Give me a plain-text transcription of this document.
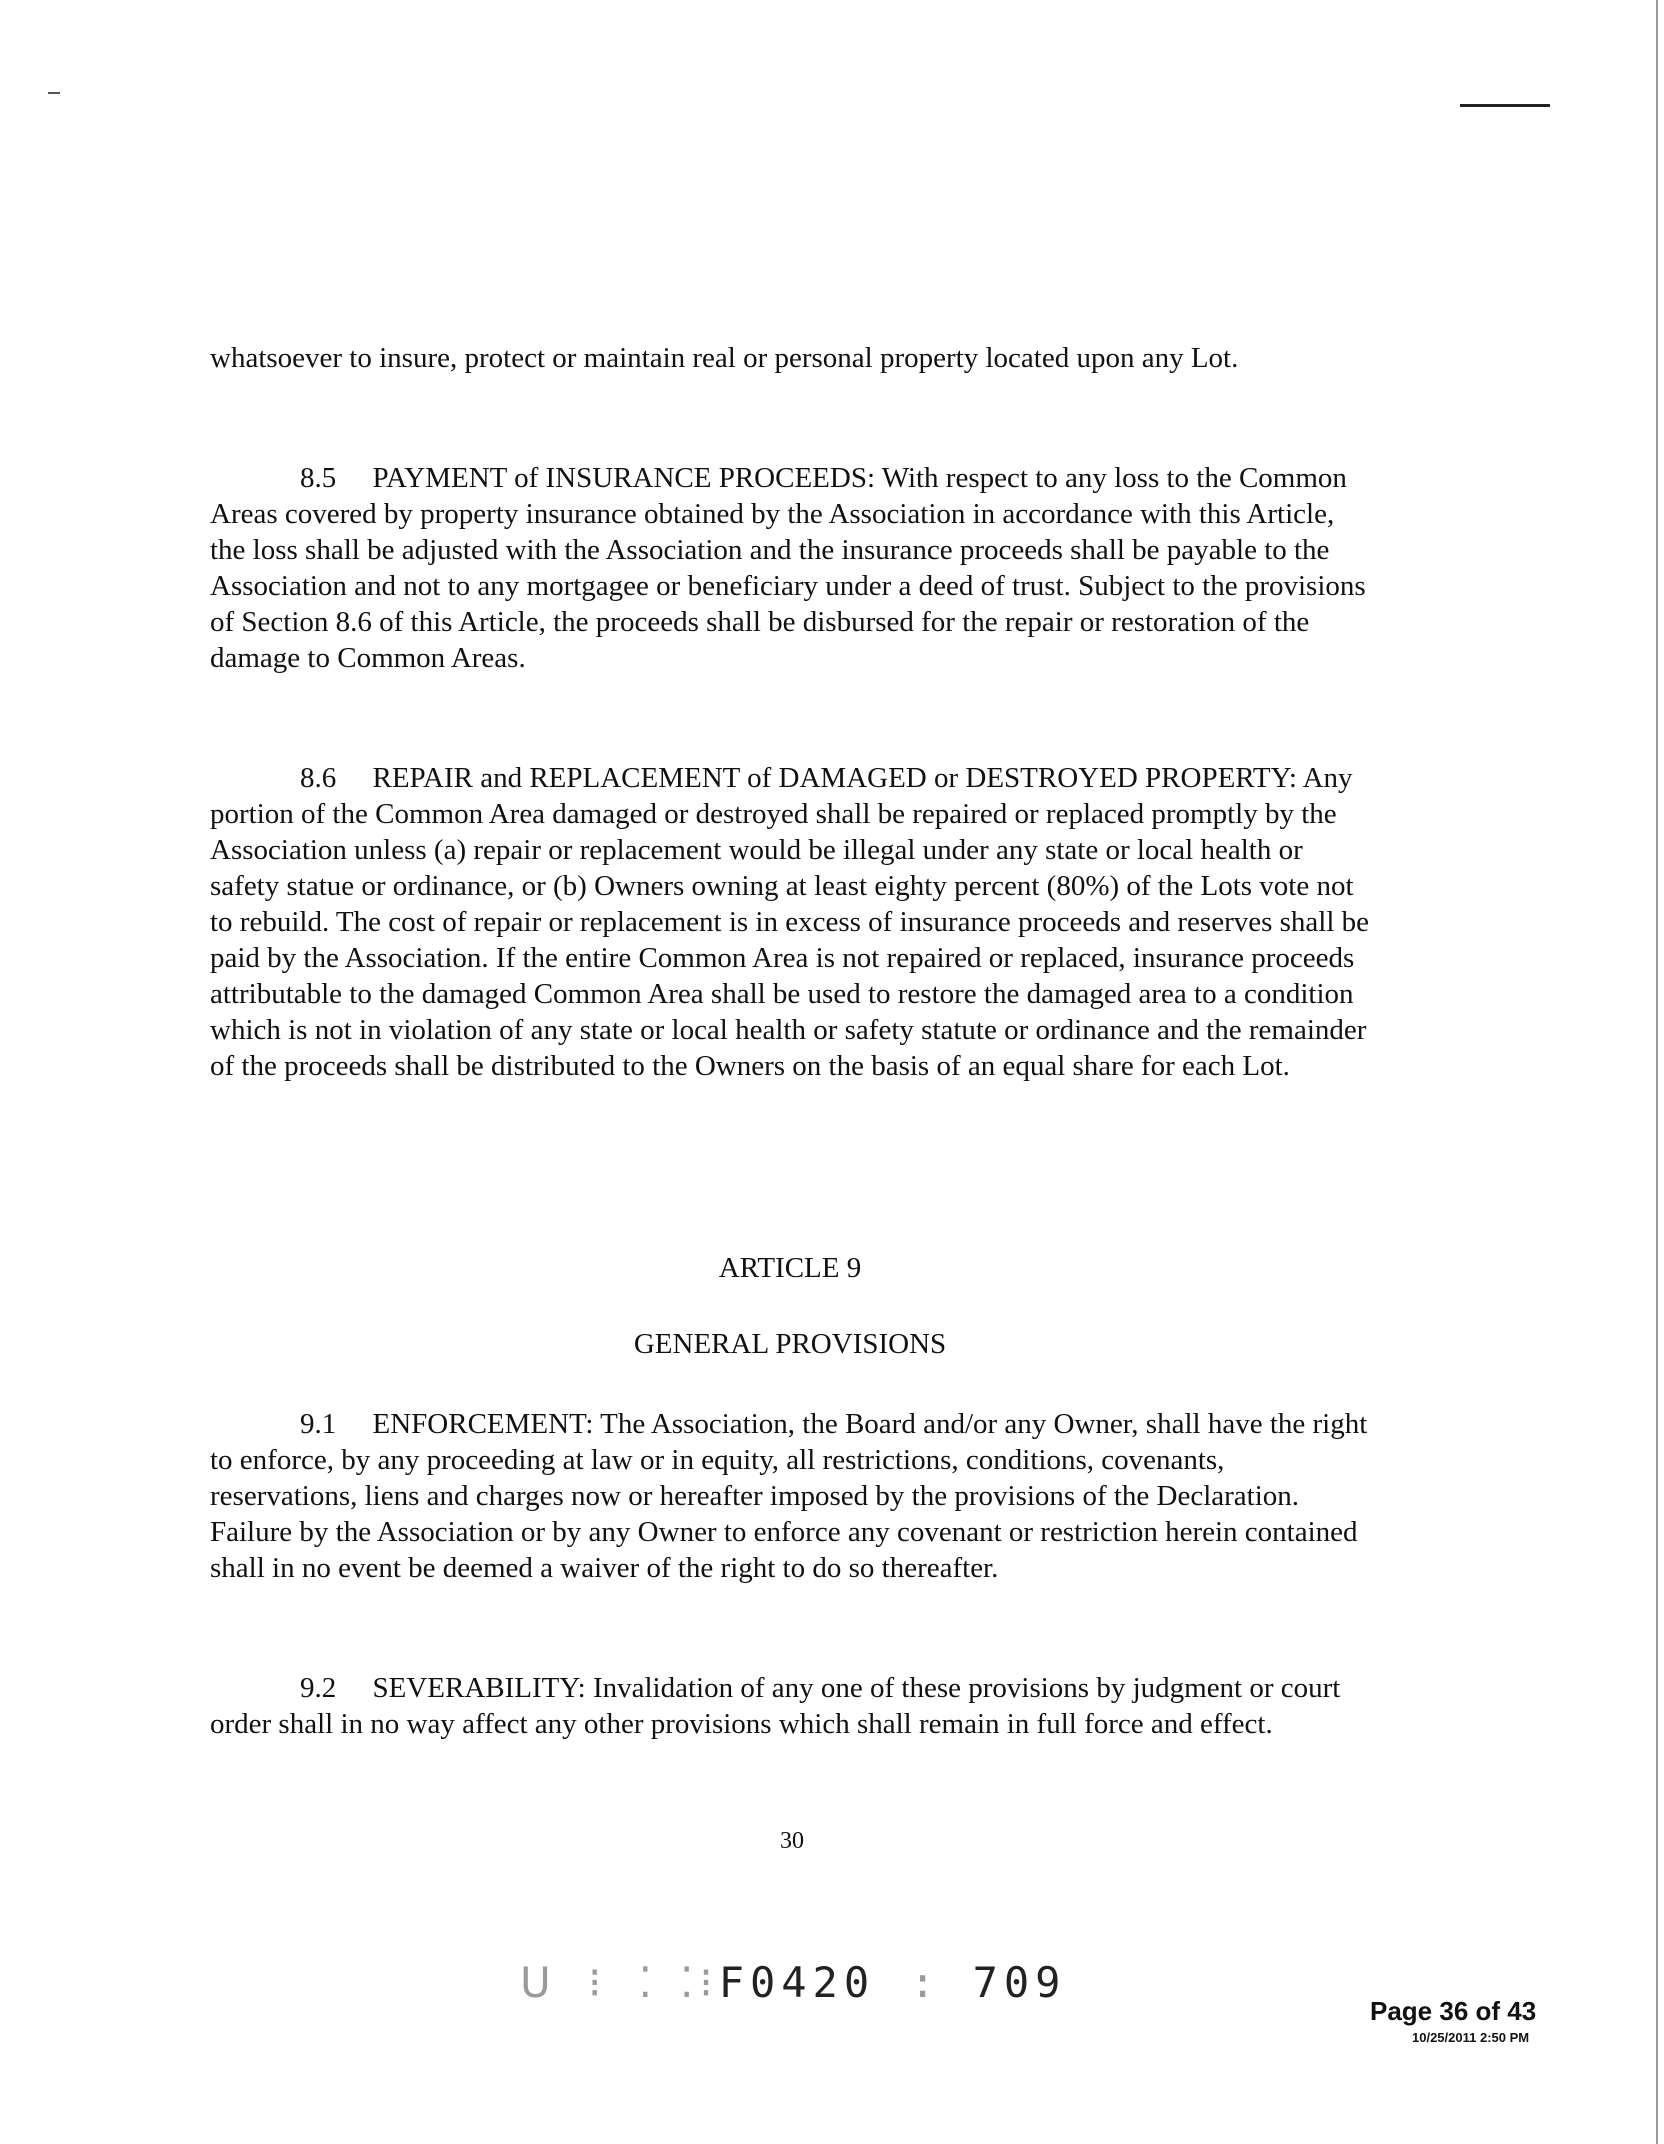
whatsoever to insure, protect or maintain real or personal property located upon any Lot.

8.5 PAYMENT of INSURANCE PROCEEDS: With respect to any loss to the Common Areas covered by property insurance obtained by the Association in accordance with this Article, the loss shall be adjusted with the Association and the insurance proceeds shall be payable to the Association and not to any mortgagee or beneficiary under a deed of trust. Subject to the provisions of Section 8.6 of this Article, the proceeds shall be disbursed for the repair or restoration of the damage to Common Areas.

8.6 REPAIR and REPLACEMENT of DAMAGED or DESTROYED PROPERTY: Any portion of the Common Area damaged or destroyed shall be repaired or replaced promptly by the Association unless (a) repair or replacement would be illegal under any state or local health or safety statue or ordinance, or (b) Owners owning at least eighty percent (80%) of the Lots vote not to rebuild. The cost of repair or replacement is in excess of insurance proceeds and reserves shall be paid by the Association. If the entire Common Area is not repaired or replaced, insurance proceeds attributable to the damaged Common Area shall be used to restore the damaged area to a condition which is not in violation of any state or local health or safety statute or ordinance and the remainder of the proceeds shall be distributed to the Owners on the basis of an equal share for each Lot.

ARTICLE 9
GENERAL PROVISIONS

9.1 ENFORCEMENT: The Association, the Board and/or any Owner, shall have the right to enforce, by any proceeding at law or in equity, all restrictions, conditions, covenants, reservations, liens and charges now or hereafter imposed by the provisions of the Declaration. Failure by the Association or by any Owner to enforce any covenant or restriction herein contained shall in no event be deemed a waiver of the right to do so thereafter.

9.2 SEVERABILITY: Invalidation of any one of these provisions by judgment or court order shall in no way affect any other provisions which shall remain in full force and effect.

30
ᑌ ⁝ ⁚ ⁚⁝F0420 : 709
Page 36 of 43
10/25/2011 2:50 PM
